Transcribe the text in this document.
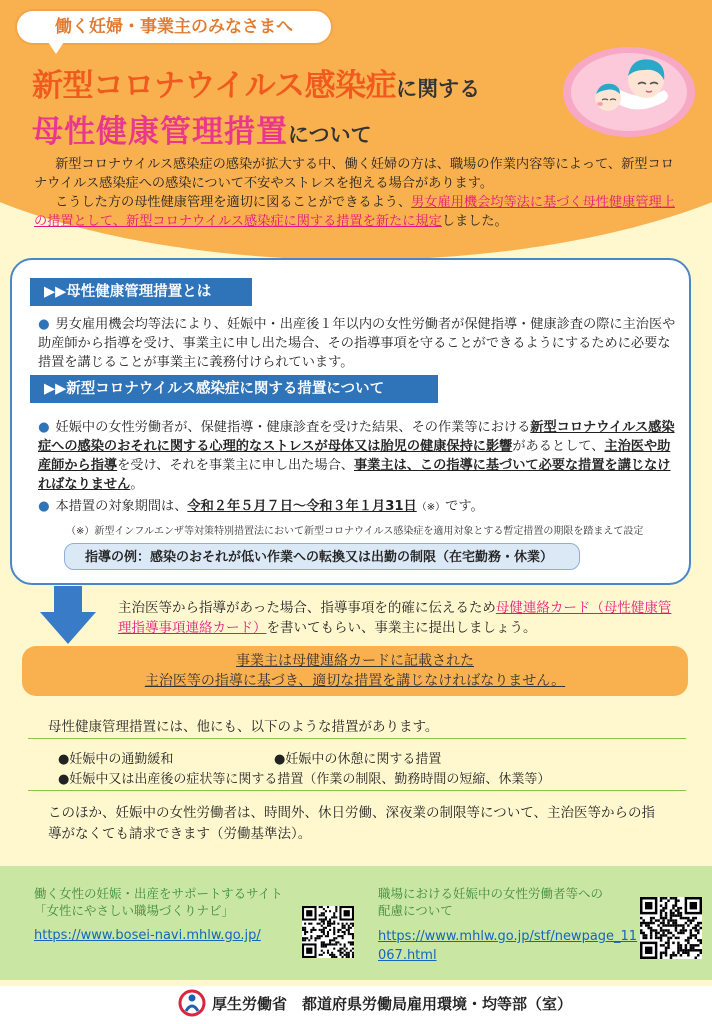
働く妊婦・事業主のみなさまへ
新型コロナウイルス感染症に関する
母性健康管理措置について

新型コロナウイルス感染症の感染が拡大する中、働く妊婦の方は、職場の作業内容等によって、新型コロナウイルス感染症への感染について不安やストレスを抱える場合があります。

こうした方の母性健康管理を適切に図ることができるよう、男女雇用機会均等法に基づく母性健康管理上の措置として、新型コロナウイルス感染症に関する措置を新たに規定しました。

▶▶母性健康管理措置とは
● 男女雇用機会均等法により、妊娠中・出産後１年以内の女性労働者が保健指導・健康診査の際に主治医や助産師から指導を受け、事業主に申し出た場合、その指導事項を守ることができるようにするために必要な措置を講じることが事業主に義務付けられています。
▶▶新型コロナウイルス感染症に関する措置について
● 妊娠中の女性労働者が、保健指導・健康診査を受けた結果、その作業等における新型コロナウイルス感染症への感染のおそれに関する心理的なストレスが母体又は胎児の健康保持に影響があるとして、主治医や助産師から指導を受け、それを事業主に申し出た場合、事業主は、この指導に基づいて必要な措置を講じなければなりません。
● 本措置の対象期間は、令和２年５月７日～令和３年１月31日（※）です。
（※）新型インフルエンザ等対策特別措置法において新型コロナウイルス感染症を適用対象とする暫定措置の期限を踏まえて設定
指導の例：感染のおそれが低い作業への転換又は出勤の制限（在宅勤務・休業）
主治医等から指導があった場合、指導事項を的確に伝えるため母健連絡カード（母性健康管理指導事項連絡カード）を書いてもらい、事業主に提出しましょう。
事業主は母健連絡カードに記載された
主治医等の指導に基づき、適切な措置を講じなければなりません。
母性健康管理措置には、他にも、以下のような措置があります。
●妊娠中の通勤緩和	●妊娠中の休憩に関する措置
●妊娠中又は出産後の症状等に関する措置（作業の制限、勤務時間の短縮、休業等）
このほか、妊娠中の女性労働者は、時間外、休日労働、深夜業の制限等について、主治医等からの指導がなくても請求できます（労働基準法）。
働く女性の妊娠・出産をサポートするサイト
「女性にやさしい職場づくりナビ」
https://www.bosei-navi.mhlw.go.jp/
職場における妊娠中の女性労働者等への
配慮について
https://www.mhlw.go.jp/stf/newpage_11067.html
厚生労働省　都道府県労働局雇用環境・均等部（室）
